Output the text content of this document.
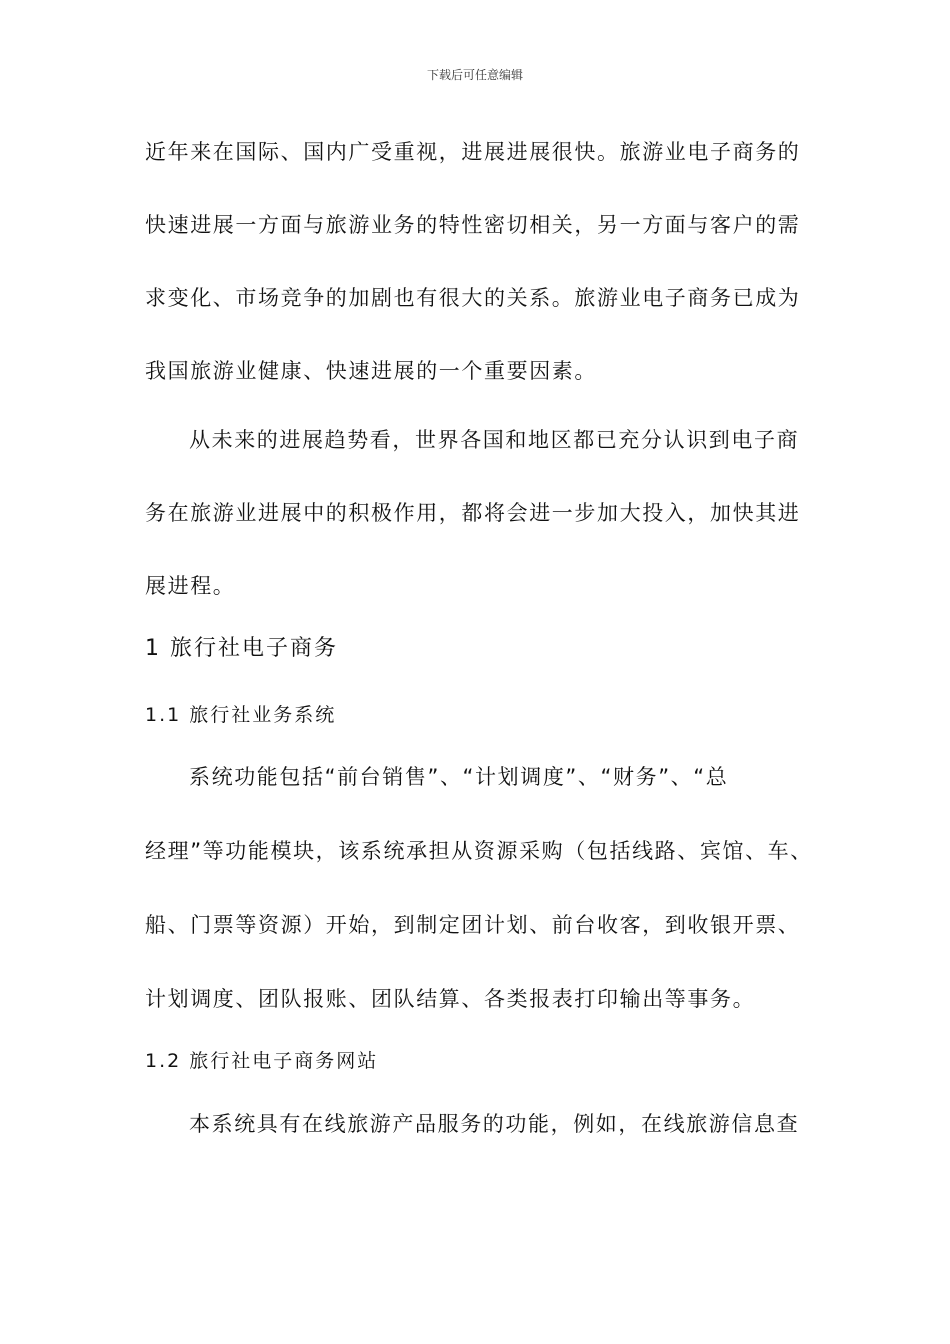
下载后可任意编辑
近年来在国际、国内广受重视，进展进展很快。旅游业电子商务的
快速进展一方面与旅游业务的特性密切相关，另一方面与客户的需
求变化、市场竞争的加剧也有很大的关系。旅游业电子商务已成为
我国旅游业健康、快速进展的一个重要因素。
从未来的进展趋势看，世界各国和地区都已充分认识到电子商
务在旅游业进展中的积极作用，都将会进一步加大投入，加快其进
展进程。
1 旅行社电子商务
1.1 旅行社业务系统
系统功能包括“前台销售”、“计划调度”、“财务”、“总
经理”等功能模块，该系统承担从资源采购（包括线路、宾馆、车、
船、门票等资源）开始，到制定团计划、前台收客，到收银开票、
计划调度、团队报账、团队结算、各类报表打印输出等事务。
1.2 旅行社电子商务网站
本系统具有在线旅游产品服务的功能，例如，在线旅游信息查
